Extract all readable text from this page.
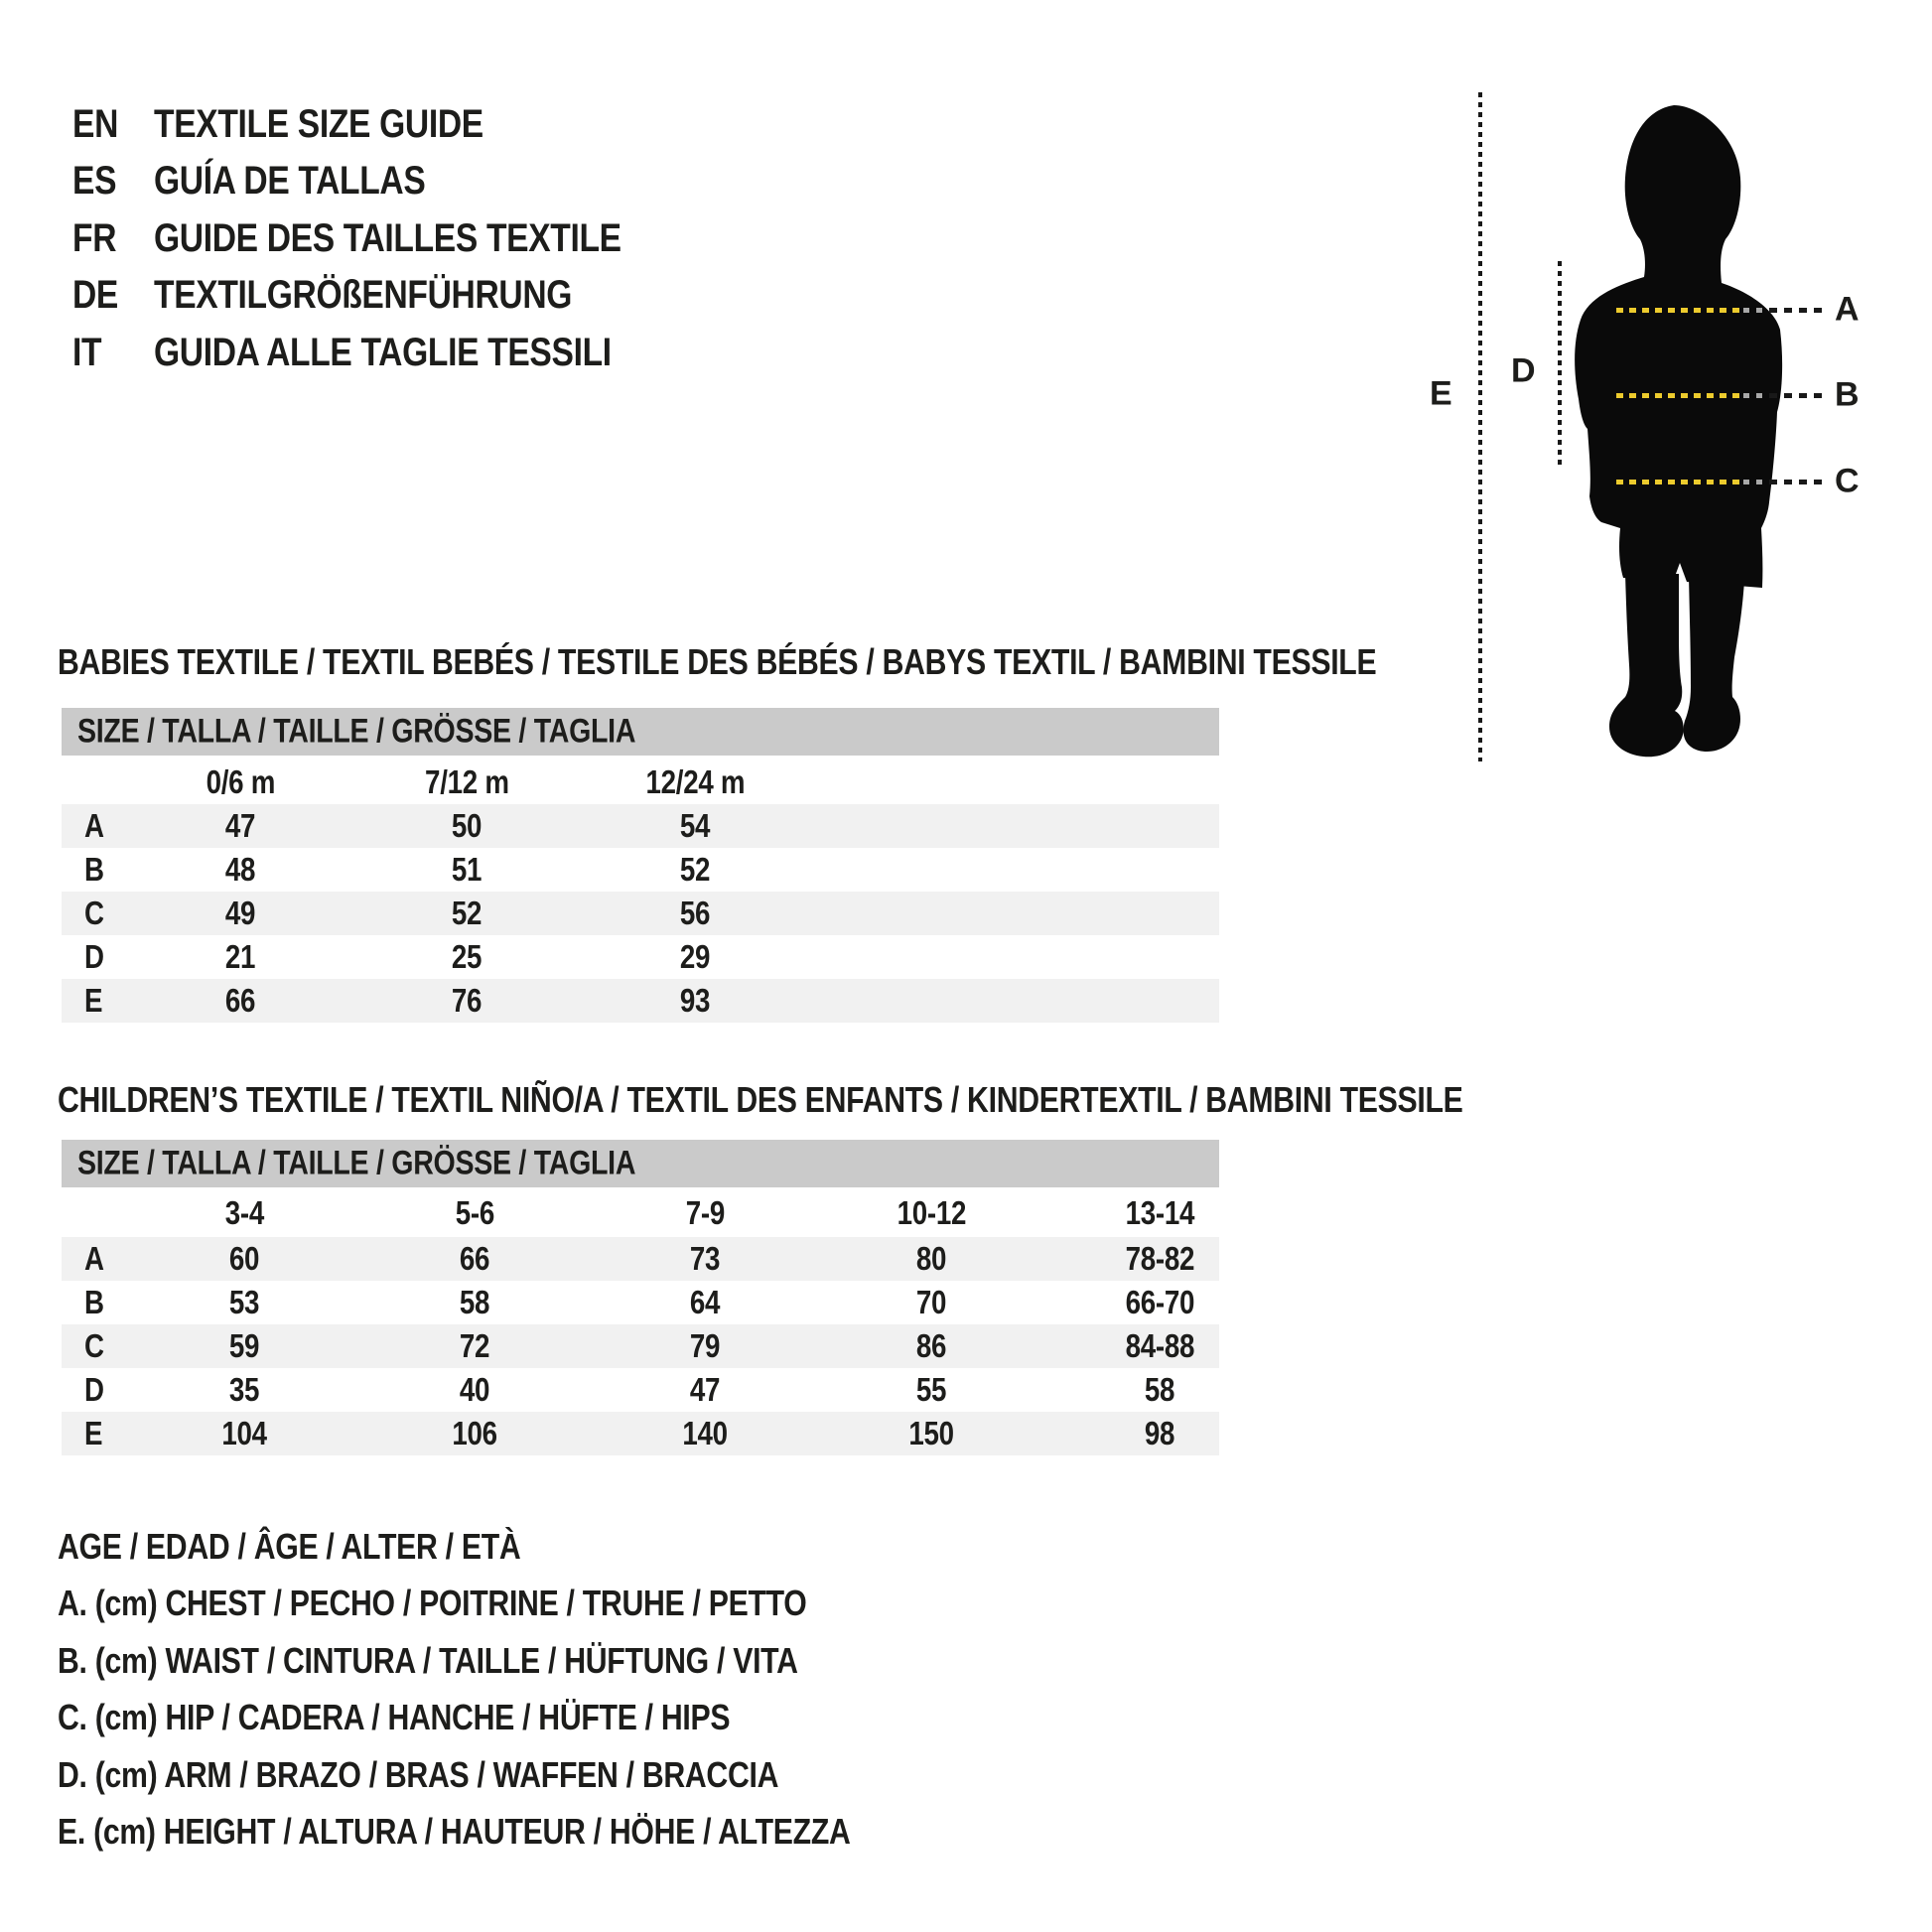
EN TEXTILE SIZE GUIDE
ES GUÍA DE TALLAS
FR GUIDE DES TAILLES TEXTILE
DE TEXTILGRÖßENFÜHRUNG
IT GUIDA ALLE TAGLIE TESSILI
E
D
A
B
C
BABIES TEXTILE / TEXTIL BEBÉS / TESTILE DES BÉBÉS / BABYS TEXTIL / BAMBINI TESSILE
SIZE / TALLA / TAILLE / GRÖSSE / TAGLIA
0/6 m	7/12 m	12/24 m
A	47	50	54
B	48	51	52
C	49	52	56
D	21	25	29
E	66	76	93
CHILDREN’S TEXTILE / TEXTIL NIÑO/A / TEXTIL DES ENFANTS / KINDERTEXTIL / BAMBINI TESSILE
SIZE / TALLA / TAILLE / GRÖSSE / TAGLIA
3-4	5-6	7-9	10-12	13-14
A	60	66	73	80	78-82
B	53	58	64	70	66-70
C	59	72	79	86	84-88
D	35	40	47	55	58
E	104	106	140	150	98
AGE / EDAD / ÂGE / ALTER / ETÀ
A. (cm) CHEST / PECHO / POITRINE / TRUHE / PETTO
B. (cm) WAIST / CINTURA / TAILLE / HÜFTUNG / VITA
C. (cm) HIP / CADERA / HANCHE / HÜFTE / HIPS
D. (cm) ARM / BRAZO / BRAS / WAFFEN / BRACCIA
E. (cm) HEIGHT / ALTURA / HAUTEUR / HÖHE / ALTEZZA
